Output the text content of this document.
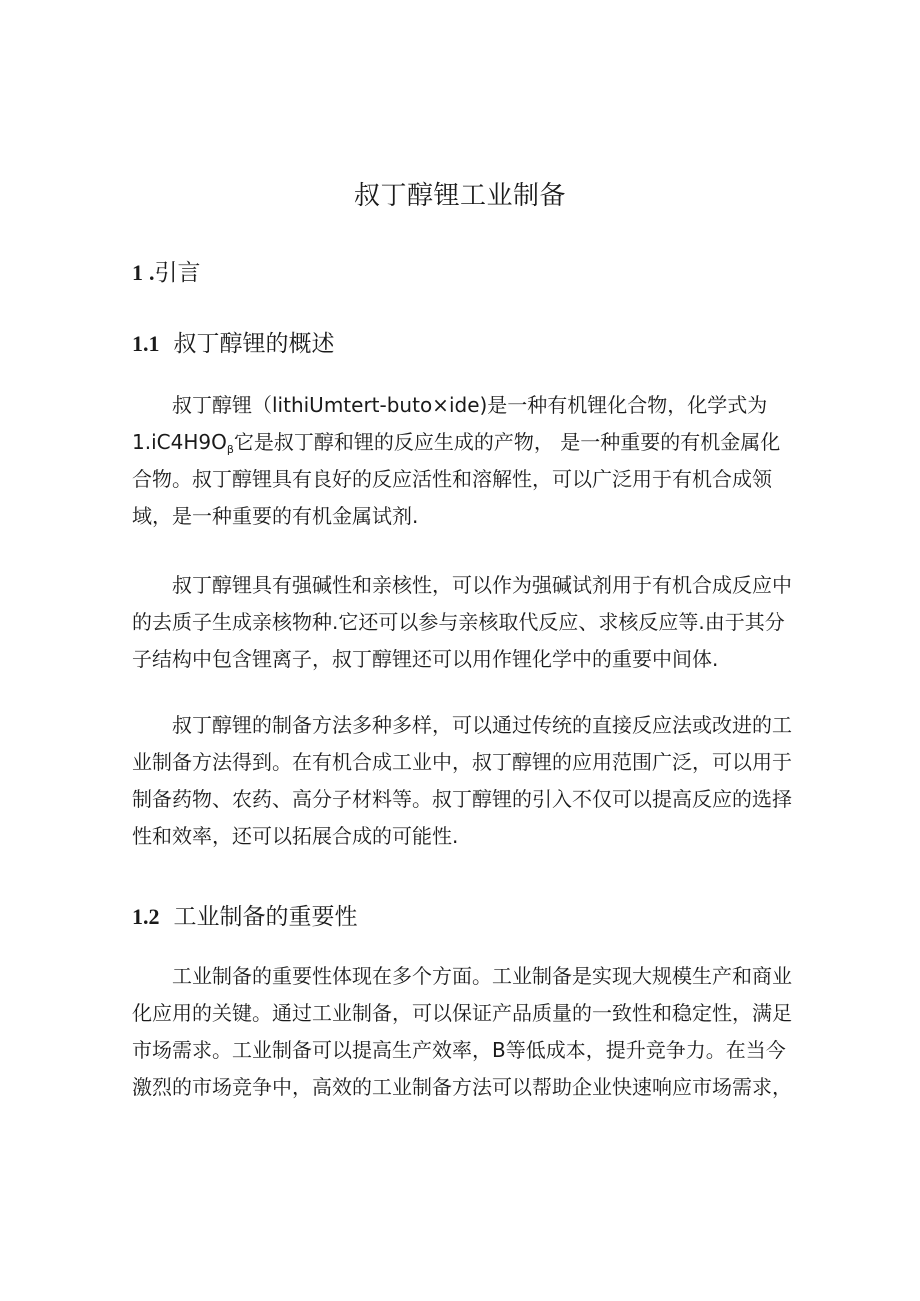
叔丁醇锂工业制备
1 .引言
1.1 叔丁醇锂的概述
叔丁醇锂（lithiUmtert-buto×ide)是一种有机锂化合物，化学式为
$1.iC4H9O_\beta$它是叔丁醇和锂的反应生成的产物， 是一种重要的有机金属化
合物。叔丁醇锂具有良好的反应活性和溶解性，可以广泛用于有机合成领
域，是一种重要的有机金属试剂.
叔丁醇锂具有强碱性和亲核性，可以作为强碱试剂用于有机合成反应中
的去质子生成亲核物种.它还可以参与亲核取代反应、求核反应等.由于其分
子结构中包含锂离子，叔丁醇锂还可以用作锂化学中的重要中间体.
叔丁醇锂的制备方法多种多样，可以通过传统的直接反应法或改进的工
业制备方法得到。在有机合成工业中，叔丁醇锂的应用范围广泛，可以用于
制备药物、农药、高分子材料等。叔丁醇锂的引入不仅可以提高反应的选择
性和效率，还可以拓展合成的可能性.
1.2 工业制备的重要性
工业制备的重要性体现在多个方面。工业制备是实现大规模生产和商业
化应用的关键。通过工业制备，可以保证产品质量的一致性和稳定性，满足
市场需求。工业制备可以提高生产效率，B等低成本，提升竞争力。在当今
激烈的市场竞争中，高效的工业制备方法可以帮助企业快速响应市场需求，
